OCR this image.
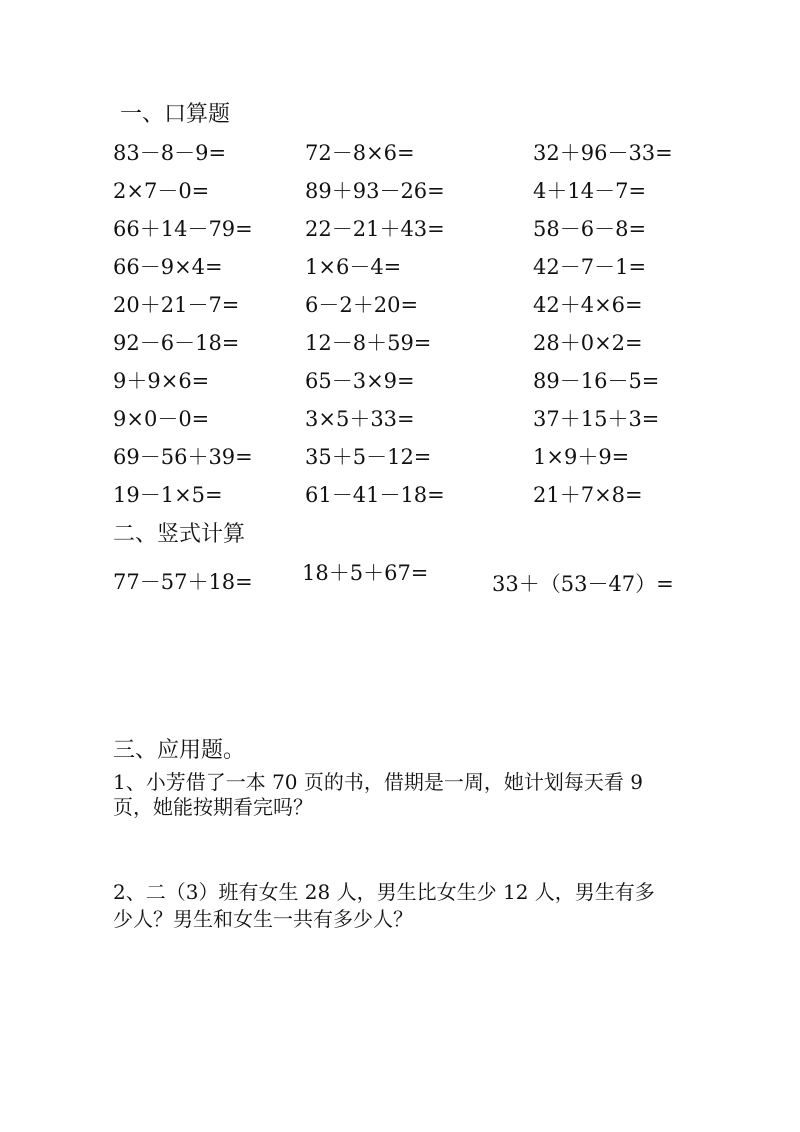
一、口算题
83－8－9=	72－8×6=	32＋96－33=
2×7－0=	89＋93－26=	4＋14－7=
66＋14－79= 22－21＋43=	58－6－8=
66－9×4=	1×6－4=	42－7－1=
20＋21－7=	6－2＋20=	42＋4×6=
92－6－18=	12－8＋59=	28＋0×2=
9＋9×6=	65－3×9=	89－16－5=
9×0－0=	3×5＋33=	37＋15＋3=
69－56＋39= 35＋5－12=	1×9＋9=
19－1×5=	61－41－18=	21＋7×8=
二、竖式计算
77－57＋18= 18＋5＋67=	33＋（53－47）=
三、应用题。
1、小芳借了一本 70 页的书，借期是一周，她计划每天看 9
页，她能按期看完吗？
2、二（3）班有女生 28 人，男生比女生少 12 人，男生有多
少人？男生和女生一共有多少人？
